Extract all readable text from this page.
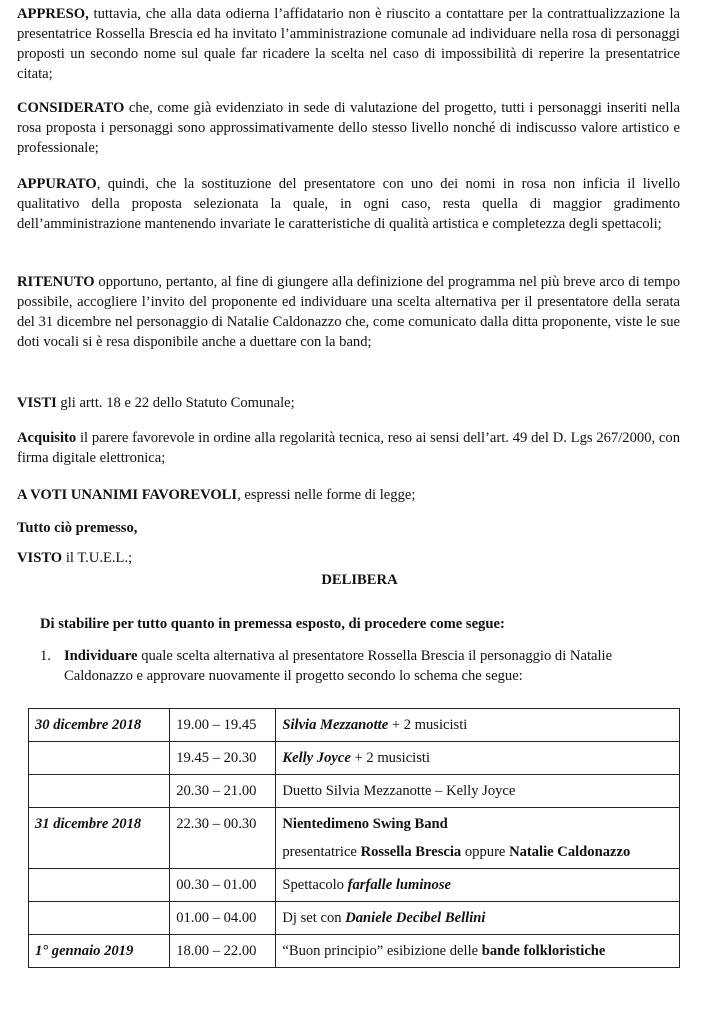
APPRESO, tuttavia, che alla data odierna l’affidatario non è riuscito a contattare per la contrattualizzazione la presentatrice Rossella Brescia ed ha invitato l’amministrazione comunale ad individuare nella rosa di personaggi proposti un secondo nome sul quale far ricadere la scelta nel caso di impossibilità di reperire la presentatrice citata;

CONSIDERATO che, come già evidenziato in sede di valutazione del progetto, tutti i personaggi inseriti nella rosa proposta i personaggi sono approssimativamente dello stesso livello nonché di indiscusso valore artistico e professionale;

APPURATO, quindi, che la sostituzione del presentatore con uno dei nomi in rosa non inficia il livello qualitativo della proposta selezionata la quale, in ogni caso, resta quella di maggior gradimento dell’amministrazione mantenendo invariate le caratteristiche di qualità artistica e completezza degli spettacoli;

RITENUTO opportuno, pertanto, al fine di giungere alla definizione del programma nel più breve arco di tempo possibile, accogliere l’invito del proponente ed individuare una scelta alternativa per il presentatore della serata del 31 dicembre nel personaggio di Natalie Caldonazzo che, come comunicato dalla ditta proponente, viste le sue doti vocali si è resa disponibile anche a duettare con la band;

VISTI gli artt. 18 e 22 dello Statuto Comunale;

Acquisito il parere favorevole in ordine alla regolarità tecnica, reso ai sensi dell’art. 49 del D. Lgs 267/2000, con firma digitale elettronica;

A VOTI UNANIMI FAVOREVOLI, espressi nelle forme di legge;

Tutto ciò premesso,

VISTO il T.U.E.L.;

DELIBERA
Di stabilire per tutto quanto in premessa esposto, di procedere come segue:
1. Individuare quale scelta alternativa al presentatore Rossella Brescia il personaggio di Natalie Caldonazzo e approvare nuovamente il progetto secondo lo schema che segue:
30 dicembre 2018	19.00 – 19.45	Silvia Mezzanotte + 2 musicisti
	19.45 – 20.30	Kelly Joyce + 2 musicisti
	20.30 – 21.00	Duetto Silvia Mezzanotte – Kelly Joyce
31 dicembre 2018	22.30 – 00.30	Nientedimeno Swing Band
presentatrice Rossella Brescia oppure Natalie Caldonazzo

	00.30 – 01.00	Spettacolo farfalle luminose
	01.00 – 04.00	Dj set con Daniele Decibel Bellini
1° gennaio 2019	18.00 – 22.00	“Buon principio” esibizione delle bande folkloristiche
